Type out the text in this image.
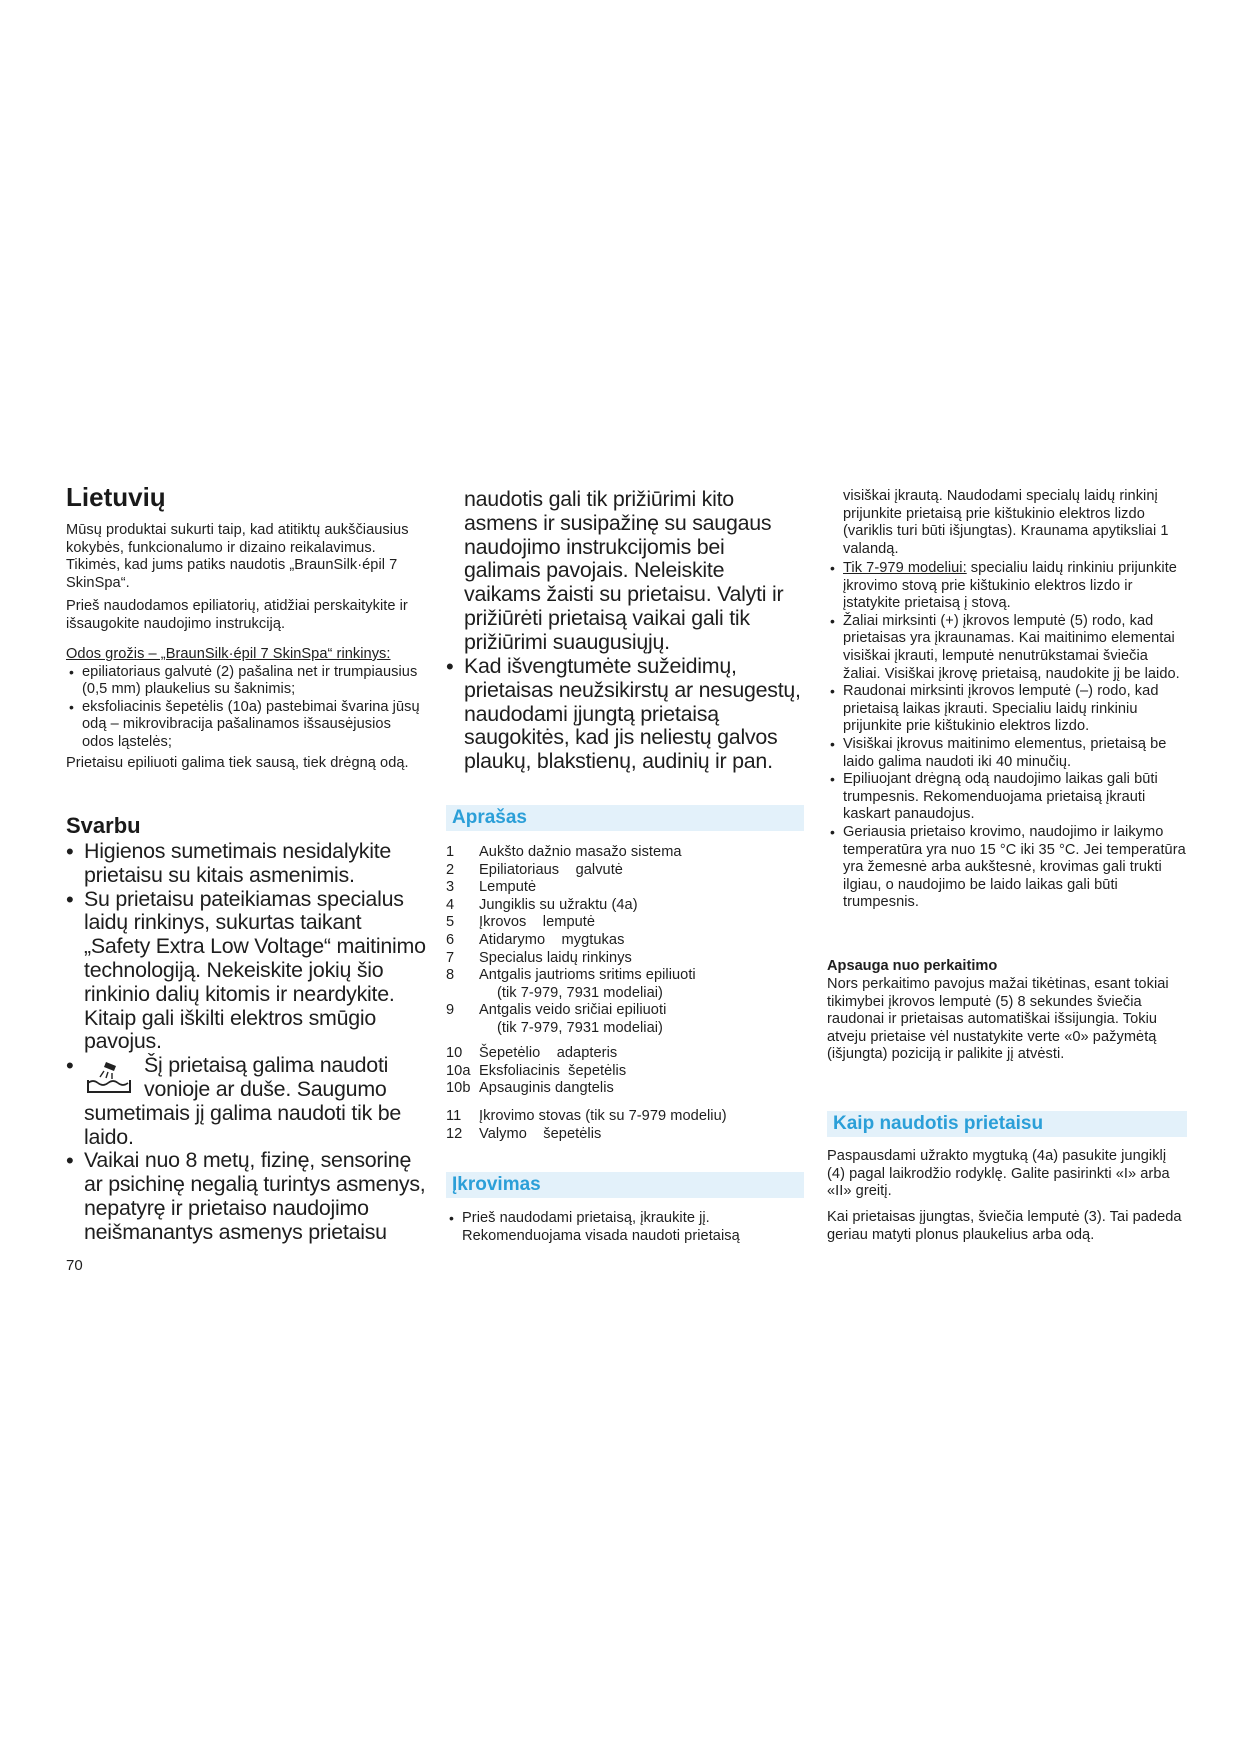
Lietuvių

Mūsų produktai sukurti taip, kad atitiktų aukščiausius kokybės, funkcionalumo ir dizaino reikalavimus. Tikimės, kad jums patiks naudotis „BraunSilk·épil 7 SkinSpa“.

Prieš naudodamos epiliatorių, atidžiai perskaitykite ir išsaugokite naudojimo instrukciją.

Odos grožis – „BraunSilk·épil 7 SkinSpa“ rinkinys:

• epiliatoriaus galvutė (2) pašalina net ir trumpiausius (0,5 mm) plaukelius su šaknimis;
• eksfoliacinis šepetėlis (10a) pastebimai švarina jūsų odą – mikrovibracija pašalinamos išsausėjusios odos ląstelės;

Prietaisu epiliuoti galima tiek sausą, tiek drėgną odą.

Svarbu
• Higienos sumetimais nesidalykite prietaisu su kitais asmenimis.
• Su prietaisu pateikiamas specialus laidų rinkinys, sukurtas taikant „Safety Extra Low Voltage“ maitinimo technologiją. Nekeiskite jokių šio rinkinio dalių kitomis ir neardykite. Kitaip gali iškilti elektros smūgio pavojus.
•	Šį prietaisą galima naudoti vonioje ar duše. Saugumo sumetimais jį galima naudoti tik be laido.
• Vaikai nuo 8 metų, fizinę, sensorinę ar psichinę negalią turintys asmenys, nepatyrę ir prietaiso naudojimo neišmanantys asmenys prietaisu
70

naudotis gali tik prižiūrimi kito asmens ir susipažinę su saugaus naudojimo instrukcijomis bei galimais pavojais. Neleiskite vaikams žaisti su prietaisu. Valyti ir prižiūrėti prietaisą vaikai gali tik prižiūrimi suaugusiųjų.

• Kad išvengtumėte sužeidimų, prietaisas neužsikirstų ar nesugestų, naudodami įjungtą prietaisą saugokitės, kad jis neliestų galvos plaukų, blakstienų, audinių ir pan.
Aprašas
1	Aukšto dažnio masažo sistema
2	Epiliatoriaus    galvutė
3	Lemputė
4	Jungiklis su užraktu (4a)
5	Įkrovos    lemputė
6	Atidarymo    mygtukas
7	Specialus laidų rinkinys
8	Antgalis jautrioms sritims epiliuoti
(tik 7-979, 7931 modeliai)
9	Antgalis veido sričiai epiliuoti
(tik 7-979, 7931 modeliai)
10	Šepetėlio    adapteris
10a Eksfoliacinis  šepetėlis
10b Apsauginis dangtelis
11	Įkrovimo stovas (tik su 7-979 modeliu)
12	Valymo    šepetėlis
Įkrovimas
• Prieš naudodami prietaisą, įkraukite jį. Rekomenduojama visada naudoti prietaisą

visiškai įkrautą. Naudodami specialų laidų rinkinį prijunkite prietaisą prie kištukinio elektros lizdo (variklis turi būti išjungtas). Kraunama apytiksliai 1 valandą.

• Tik 7-979 modeliui: specialiu laidų rinkiniu prijunkite įkrovimo stovą prie kištukinio elektros lizdo ir įstatykite prietaisą į stovą.
• Žaliai mirksinti (+) įkrovos lemputė (5) rodo, kad prietaisas yra įkraunamas. Kai maitinimo elementai visiškai įkrauti, lemputė nenutrūkstamai šviečia žaliai. Visiškai įkrovę prietaisą, naudokite jį be laido.
• Raudonai mirksinti įkrovos lemputė (–) rodo, kad prietaisą laikas įkrauti. Specialiu laidų rinkiniu prijunkite prie kištukinio elektros lizdo.
• Visiškai įkrovus maitinimo elementus, prietaisą be laido galima naudoti iki 40 minučių.
• Epiliuojant drėgną odą naudojimo laikas gali būti trumpesnis. Rekomenduojama prietaisą įkrauti kaskart panaudojus.
• Geriausia prietaiso krovimo, naudojimo ir laikymo temperatūra yra nuo 15 °C iki 35 °C. Jei temperatūra yra žemesnė arba aukštesnė, krovimas gali trukti ilgiau, o naudojimo be laido laikas gali būti trumpesnis.
Apsauga nuo perkaitimo

Nors perkaitimo pavojus mažai tikėtinas, esant tokiai tikimybei įkrovos lemputė (5) 8 sekundes šviečia raudonai ir prietaisas automatiškai išsijungia. Tokiu atveju prietaise vėl nustatykite verte «0» pažymėtą (išjungta) poziciją ir palikite jį atvėsti.

Kaip naudotis prietaisu

Paspausdami užrakto mygtuką (4a) pasukite jungiklį (4) pagal laikrodžio rodyklę. Galite pasirinkti «I» arba «II» greitį.

Kai prietaisas įjungtas, šviečia lemputė (3). Tai padeda geriau matyti plonus plaukelius arba odą.
